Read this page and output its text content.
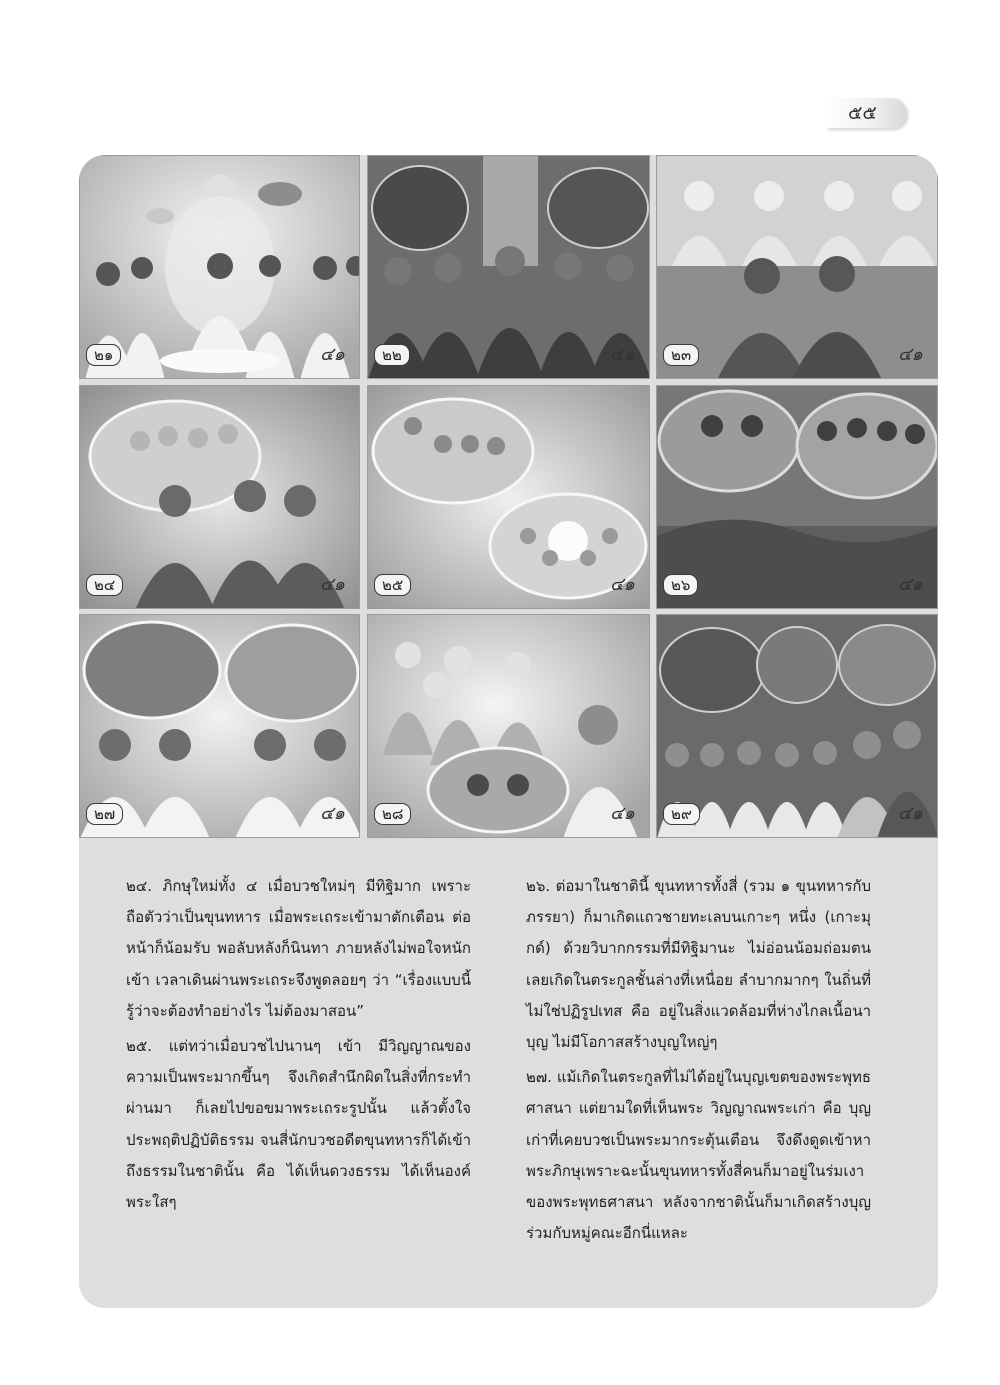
๕๕
๒๑	๔๑	๒๒	๔๑	๒๓	๔๑
๒๔	๔๑	๒๕	๔๑	๒๖	๔๑
๒๗	๔๑	๒๘	๔๑	๒๙	๔๑

๒๔. ภิกษุใหม่ทั้ง ๔ เมื่อบวชใหม่ๆ มีทิฐิมาก เพราะถือตัวว่าเป็นขุนทหาร เมื่อพระเถระเข้ามาตักเตือน ต่อหน้าก็น้อมรับ พอลับหลังก็นินทา ภายหลังไม่พอใจหนักเข้า เวลาเดินผ่านพระเถระจึงพูดลอยๆ ว่า “เรื่องแบบนี้ รู้ว่าจะต้องทำอย่างไร ไม่ต้องมาสอน”

๒๕. แต่ทว่าเมื่อบวชไปนานๆ เข้า มีวิญญาณของความเป็นพระมากขึ้นๆ จึงเกิดสำนึกผิดในสิ่งที่กระทำผ่านมา ก็เลยไปขอขมาพระเถระรูปนั้น แล้วตั้งใจประพฤติปฏิบัติธรรม จนสี่นักบวชอดีตขุนทหารก็ได้เข้าถึงธรรมในชาตินั้น คือ ได้เห็นดวงธรรม ได้เห็นองค์พระใสๆ

๒๖. ต่อมาในชาตินี้ ขุนทหารทั้งสี่ (รวม ๑ ขุนทหารกับภรรยา) ก็มาเกิดแถวชายทะเลบนเกาะๆ หนึ่ง (เกาะมุกด์) ด้วยวิบากกรรมที่มีทิฐิมานะ ไม่อ่อนน้อมถ่อมตน เลยเกิดในตระกูลชั้นล่างที่เหนื่อย ลำบากมากๆ ในถิ่นที่ไม่ใช่ปฏิรูปเทส คือ อยู่ในสิ่งแวดล้อมที่ห่างไกลเนื้อนาบุญ ไม่มีโอกาสสร้างบุญใหญ่ๆ

๒๗. แม้เกิดในตระกูลที่ไม่ได้อยู่ในบุญเขตของพระพุทธศาสนา แต่ยามใดที่เห็นพระ วิญญาณพระเก่า คือ บุญเก่าที่เคยบวชเป็นพระมากระตุ้นเตือน จึงดึงดูดเข้าหาพระภิกษุเพราะฉะนั้นขุนทหารทั้งสี่คนก็มาอยู่ในร่มเงาของพระพุทธศาสนา หลังจากชาตินั้นก็มาเกิดสร้างบุญร่วมกับหมู่คณะอีกนี่แหละ
